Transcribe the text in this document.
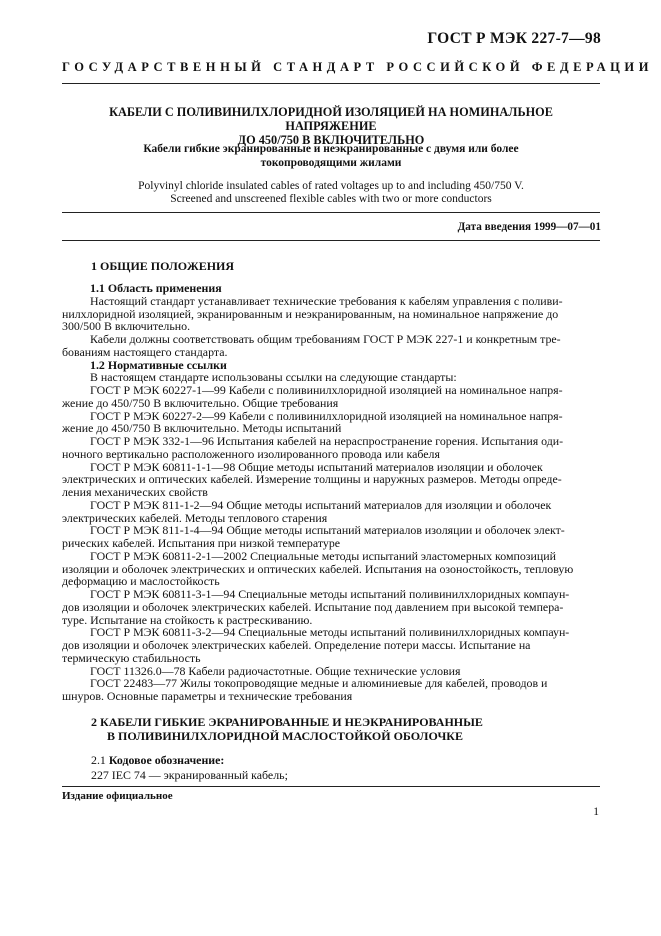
ГОСТ Р МЭК 227-7—98
ГОСУДАРСТВЕННЫЙ СТАНДАРТ РОССИЙСКОЙ ФЕДЕРАЦИИ
КАБЕЛИ С ПОЛИВИНИЛХЛОРИДНОЙ ИЗОЛЯЦИЕЙ НА НОМИНАЛЬНОЕ НАПРЯЖЕНИЕ
ДО 450/750 В ВКЛЮЧИТЕЛЬНО
Кабели гибкие экранированные и неэкранированные с двумя или более
токопроводящими жилами
Polyvinyl chloride insulated cables of rated voltages up to and including 450/750 V.
Screened and unscreened flexible cables with two or more conductors
Дата введения 1999—07—01
1 ОБЩИЕ ПОЛОЖЕНИЯ
1.1 Область применения
Настоящий стандарт устанавливает технические требования к кабелям управления с поливи-
нилхлоридной изоляцией, экранированным и неэкранированным, на номинальное напряжение до
300/500 В включительно.
Кабели должны соответствовать общим требованиям ГОСТ Р МЭК 227-1 и конкретным тре-
бованиям настоящего стандарта.
1.2 Нормативные ссылки
В настоящем стандарте использованы ссылки на следующие стандарты:
ГОСТ Р МЭК 60227-1—99 Кабели с поливинилхлоридной изоляцией на номинальное напря-
жение до 450/750 В включительно. Общие требования
ГОСТ Р МЭК 60227-2—99 Кабели с поливинилхлоридной изоляцией на номинальное напря-
жение до 450/750 В включительно. Методы испытаний
ГОСТ Р МЭК 332-1—96 Испытания кабелей на нераспространение горения. Испытания оди-
ночного вертикально расположенного изолированного провода или кабеля
ГОСТ Р МЭК 60811-1-1—98 Общие методы испытаний материалов изоляции и оболочек
электрических и оптических кабелей. Измерение толщины и наружных размеров. Методы опреде-
ления механических свойств
ГОСТ Р МЭК 811-1-2—94 Общие методы испытаний материалов для изоляции и оболочек
электрических кабелей. Методы теплового старения
ГОСТ Р МЭК 811-1-4—94 Общие методы испытаний материалов изоляции и оболочек элект-
рических кабелей. Испытания при низкой температуре
ГОСТ Р МЭК 60811-2-1—2002 Специальные методы испытаний эластомерных композиций
изоляции и оболочек электрических и оптических кабелей. Испытания на озоностойкость, тепловую
деформацию и маслостойкость
ГОСТ Р МЭК 60811-3-1—94 Специальные методы испытаний поливинилхлоридных компаун-
дов изоляции и оболочек электрических кабелей. Испытание под давлением при высокой темпера-
туре. Испытание на стойкость к растрескиванию.
ГОСТ Р МЭК 60811-3-2—94 Специальные методы испытаний поливинилхлоридных компаун-
дов изоляции и оболочек электрических кабелей. Определение потери массы. Испытание на
термическую стабильность
ГОСТ 11326.0—78 Кабели радиочастотные. Общие технические условия
ГОСТ 22483—77 Жилы токопроводящие медные и алюминиевые для кабелей, проводов и
шнуров. Основные параметры и технические требования
2 КАБЕЛИ ГИБКИЕ ЭКРАНИРОВАННЫЕ И НЕЭКРАНИРОВАННЫЕ
В ПОЛИВИНИЛХЛОРИДНОЙ МАСЛОСТОЙКОЙ ОБОЛОЧКЕ
2.1 Кодовое обозначение:
227 IEC 74 — экранированный кабель;
Издание официальное
1
